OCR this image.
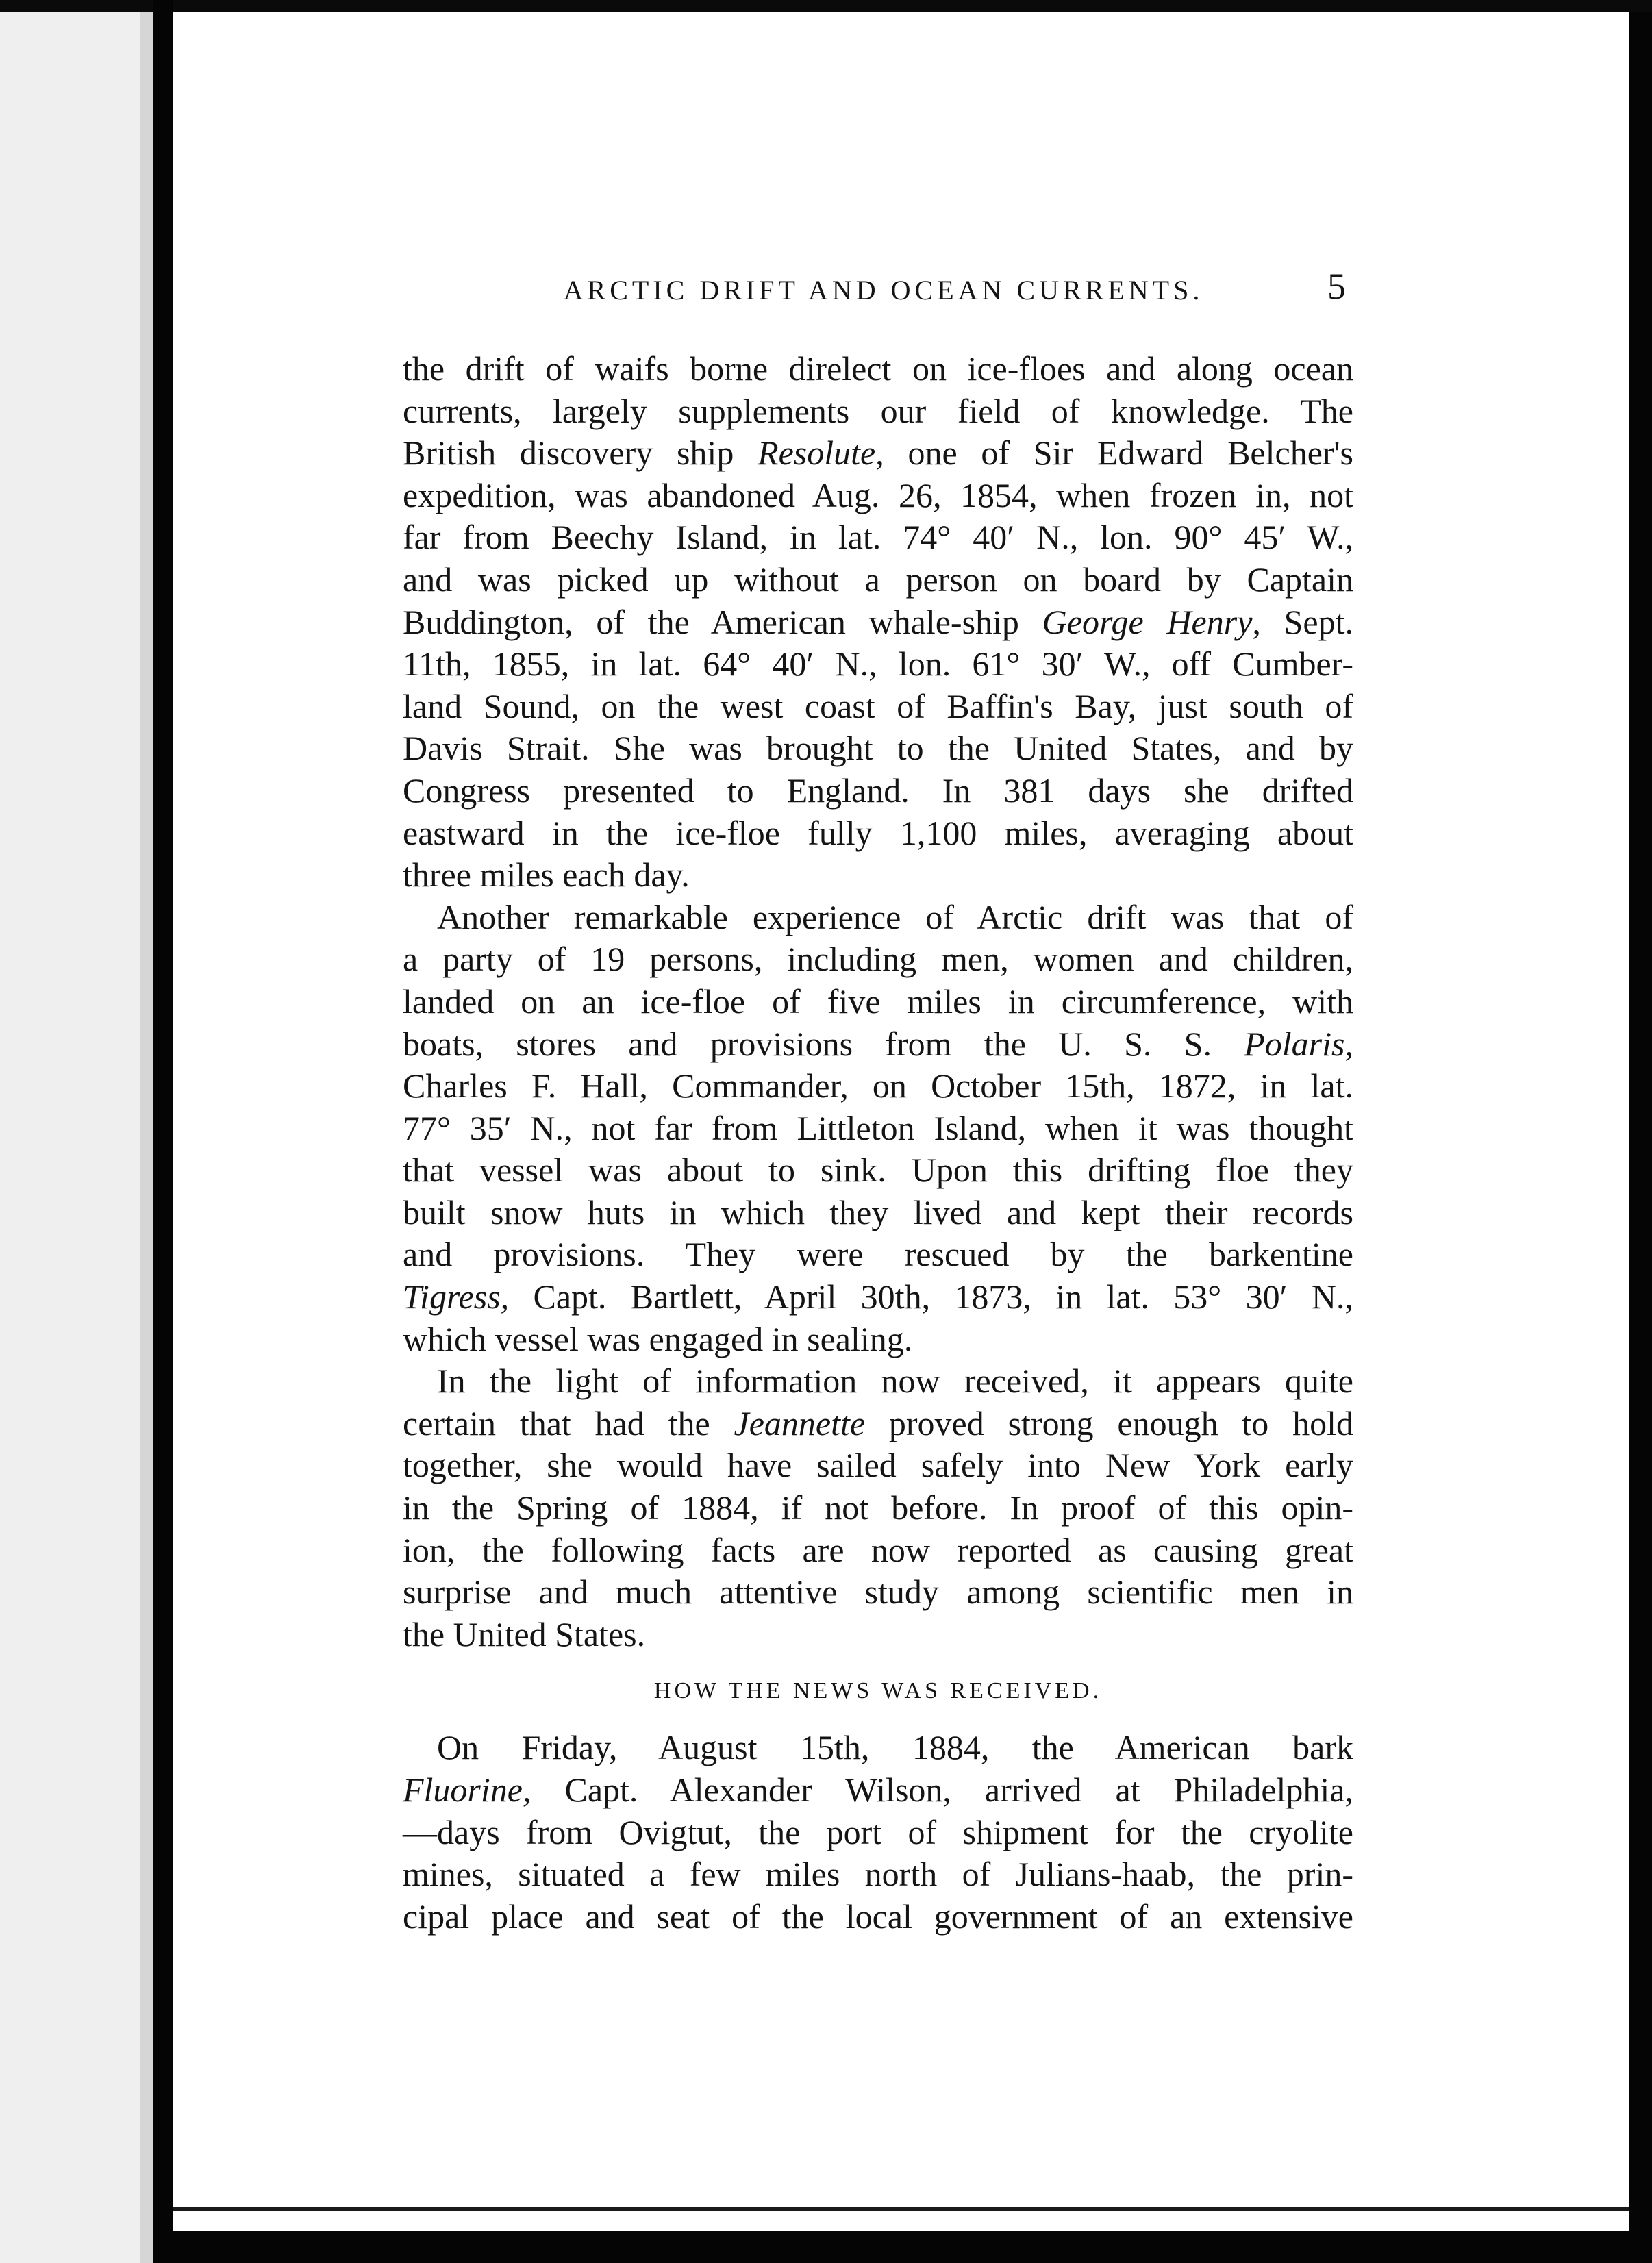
ARCTIC DRIFT AND OCEAN CURRENTS.	5
the drift of waifs borne direlect on ice-floes and along ocean
currents, largely supplements our field of knowledge. The
British discovery ship Resolute, one of Sir Edward Belcher's
expedition, was abandoned Aug. 26, 1854, when frozen in, not
far from Beechy Island, in lat. 74° 40′ N., lon. 90° 45′ W.,
and was picked up without a person on board by Captain
Buddington, of the American whale-ship George Henry, Sept.
11th, 1855, in lat. 64° 40′ N., lon. 61° 30′ W., off Cumber-
land Sound, on the west coast of Baffin's Bay, just south of
Davis Strait. She was brought to the United States, and by
Congress presented to England. In 381 days she drifted
eastward in the ice-floe fully 1,100 miles, averaging about
three miles each day.
Another remarkable experience of Arctic drift was that of
a party of 19 persons, including men, women and children,
landed on an ice-floe of five miles in circumference, with
boats, stores and provisions from the U. S. S. Polaris,
Charles F. Hall, Commander, on October 15th, 1872, in lat.
77° 35′ N., not far from Littleton Island, when it was thought
that vessel was about to sink. Upon this drifting floe they
built snow huts in which they lived and kept their records
and provisions. They were rescued by the barkentine
Tigress, Capt. Bartlett, April 30th, 1873, in lat. 53° 30′ N.,
which vessel was engaged in sealing.
In the light of information now received, it appears quite
certain that had the Jeannette proved strong enough to hold
together, she would have sailed safely into New York early
in the Spring of 1884, if not before. In proof of this opin-
ion, the following facts are now reported as causing great
surprise and much attentive study among scientific men in
the United States.
HOW THE NEWS WAS RECEIVED.
On Friday, August 15th, 1884, the American bark
Fluorine, Capt. Alexander Wilson, arrived at Philadelphia,
—days from Ovigtut, the port of shipment for the cryolite
mines, situated a few miles north of Julians-haab, the prin-
cipal place and seat of the local government of an extensive
